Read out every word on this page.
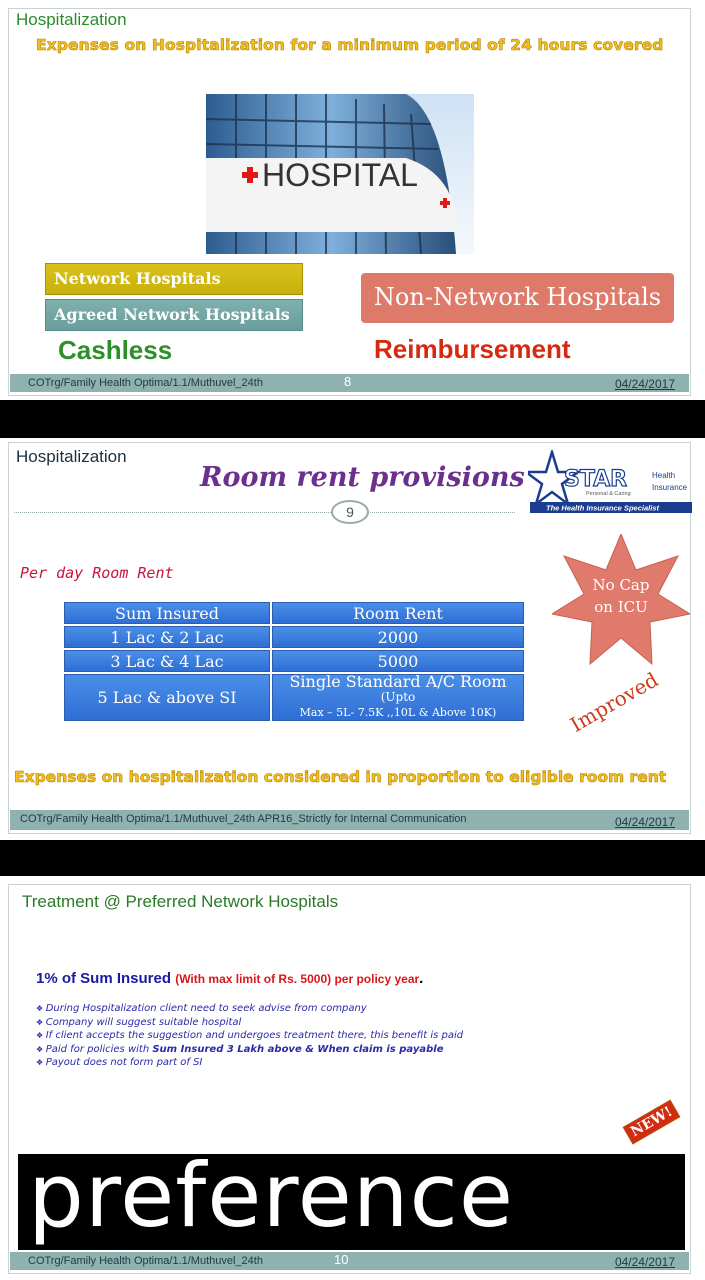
Hospitalization
Expenses on Hospitalization for a minimum period of 24 hours covered
HOSPITAL
Network Hospitals
Agreed Network Hospitals
Non-Network Hospitals
Cashless	Reimbursement
COTrg/Family Health Optima/1.1/Muthuvel_24th	8	04/24/2017
Hospitalization
Room rent provisions
9
STAR	Health
Insurance
Personal & Caring
The Health Insurance Specialist
Per day Room Rent
Sum Insured	Room Rent
1 Lac & 2 Lac	2000
3 Lac & 4 Lac	5000
5 Lac & above SI	Single Standard A/C Room (Upto
Max – 5L- 7.5K ,,10L & Above 10K)
No Cap
on ICU
Improved
Expenses on hospitalization considered in proportion to eligible room rent
COTrg/Family Health Optima/1.1/Muthuvel_24th APR16_Strictly for Internal Communication	04/24/2017
Treatment @ Preferred Network Hospitals
1% of Sum Insured (With max limit of Rs. 5000) per policy year.
❖ During Hospitalization client need to seek advise from company
❖ Company will suggest suitable hospital
❖ If client accepts the suggestion and undergoes treatment there, this benefit is paid
❖ Paid for policies with Sum Insured 3 Lakh above & When claim is payable
❖ Payout does not form part of SI
NEW!
preference
COTrg/Family Health Optima/1.1/Muthuvel_24th	10	04/24/2017
